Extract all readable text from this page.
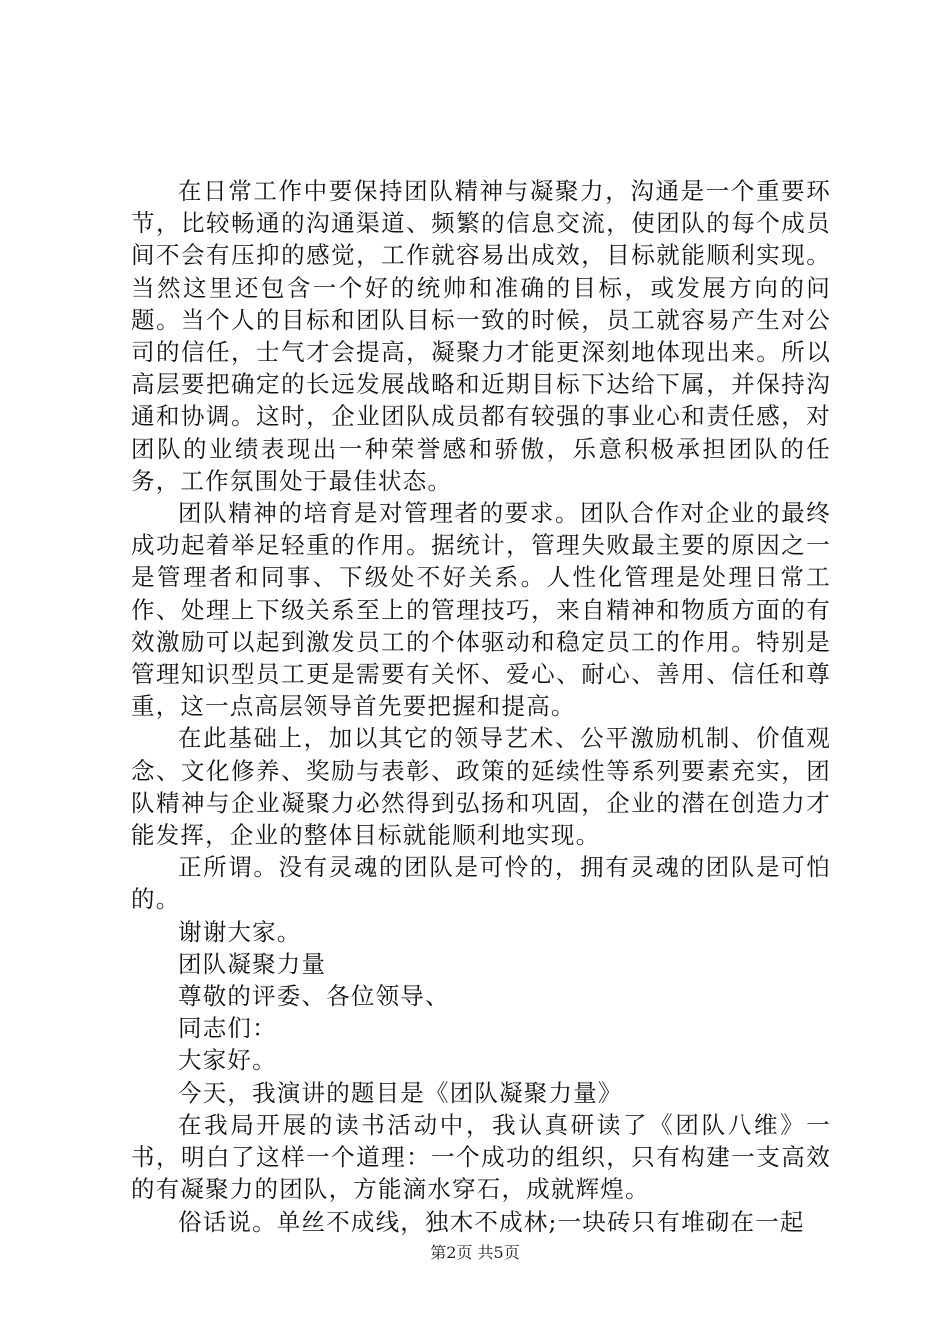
在日常工作中要保持团队精神与凝聚力，沟通是一个重要环节，比较畅通的沟通渠道、频繁的信息交流，使团队的每个成员间不会有压抑的感觉，工作就容易出成效，目标就能顺利实现。当然这里还包含一个好的统帅和准确的目标，或发展方向的问题。当个人的目标和团队目标一致的时候，员工就容易产生对公司的信任，士气才会提高，凝聚力才能更深刻地体现出来。所以高层要把确定的长远发展战略和近期目标下达给下属，并保持沟通和协调。这时，企业团队成员都有较强的事业心和责任感，对团队的业绩表现出一种荣誉感和骄傲，乐意积极承担团队的任务，工作氛围处于最佳状态。

团队精神的培育是对管理者的要求。团队合作对企业的最终成功起着举足轻重的作用。据统计，管理失败最主要的原因之一是管理者和同事、下级处不好关系。人性化管理是处理日常工作、处理上下级关系至上的管理技巧，来自精神和物质方面的有效激励可以起到激发员工的个体驱动和稳定员工的作用。特别是管理知识型员工更是需要有关怀、爱心、耐心、善用、信任和尊重，这一点高层领导首先要把握和提高。

在此基础上，加以其它的领导艺术、公平激励机制、价值观念、文化修养、奖励与表彰、政策的延续性等系列要素充实，团队精神与企业凝聚力必然得到弘扬和巩固，企业的潜在创造力才能发挥，企业的整体目标就能顺利地实现。

正所谓。没有灵魂的团队是可怜的，拥有灵魂的团队是可怕的。

谢谢大家。

团队凝聚力量

尊敬的评委、各位领导、

同志们：

大家好。

今天，我演讲的题目是《团队凝聚力量》

在我局开展的读书活动中，我认真研读了《团队八维》一书，明白了这样一个道理：一个成功的组织，只有构建一支高效的有凝聚力的团队，方能滴水穿石，成就辉煌。

俗话说。单丝不成线，独木不成林;一块砖只有堆砌在一起

第2页 共5页
